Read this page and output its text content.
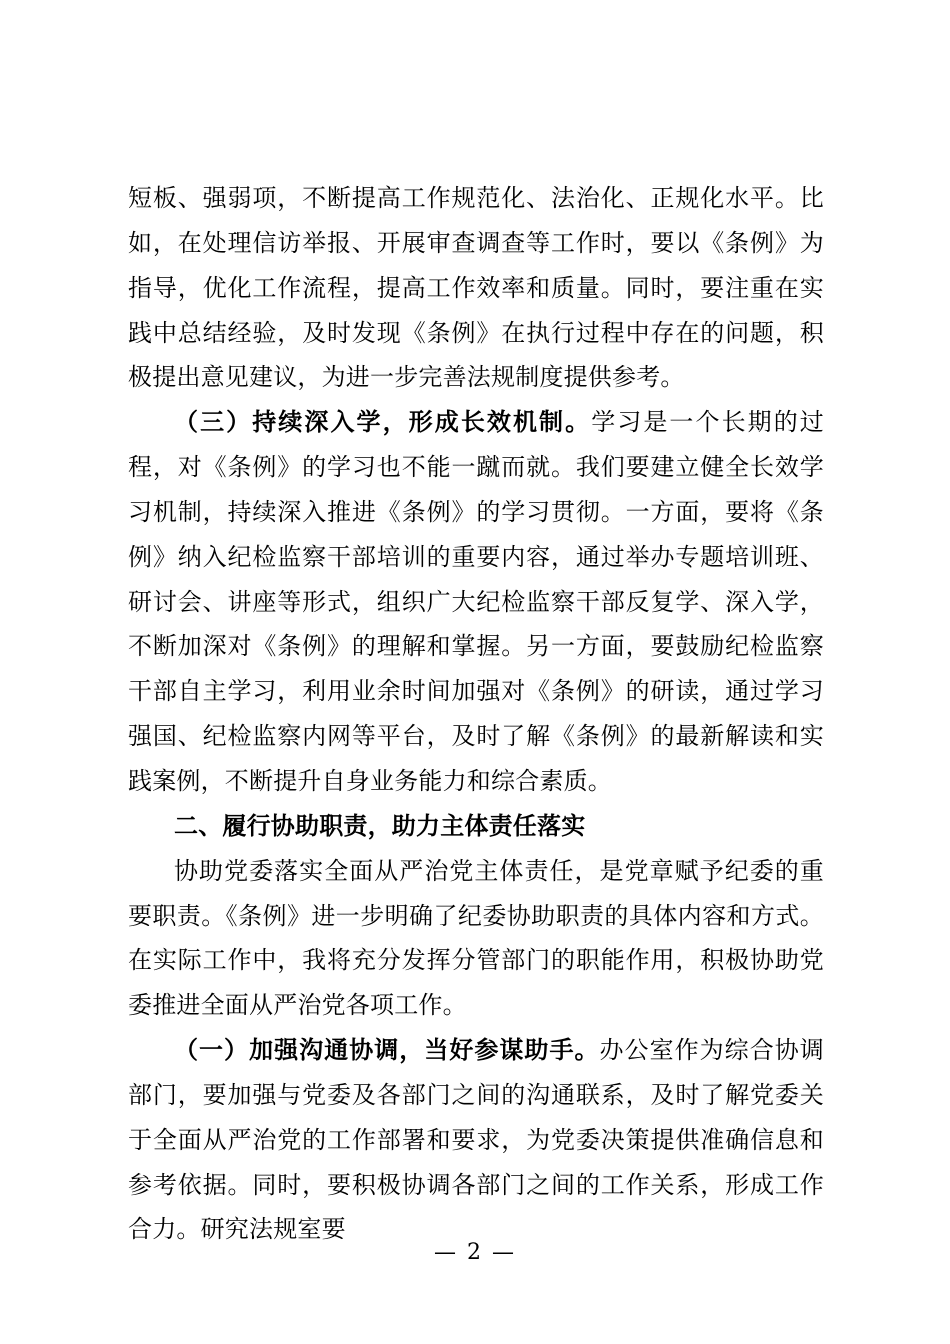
短板、强弱项，不断提高工作规范化、法治化、正规化水平。比如，在处理信访举报、开展审查调查等工作时，要以《条例》为指导，优化工作流程，提高工作效率和质量。同时，要注重在实践中总结经验，及时发现《条例》在执行过程中存在的问题，积极提出意见建议，为进一步完善法规制度提供参考。

（三）持续深入学，形成长效机制。学习是一个长期的过程，对《条例》的学习也不能一蹴而就。我们要建立健全长效学习机制，持续深入推进《条例》的学习贯彻。一方面，要将《条例》纳入纪检监察干部培训的重要内容，通过举办专题培训班、研讨会、讲座等形式，组织广大纪检监察干部反复学、深入学，不断加深对《条例》的理解和掌握。另一方面，要鼓励纪检监察干部自主学习，利用业余时间加强对《条例》的研读，通过学习强国、纪检监察内网等平台，及时了解《条例》的最新解读和实践案例，不断提升自身业务能力和综合素质。

二、履行协助职责，助力主体责任落实

协助党委落实全面从严治党主体责任，是党章赋予纪委的重要职责。《条例》进一步明确了纪委协助职责的具体内容和方式。在实际工作中，我将充分发挥分管部门的职能作用，积极协助党委推进全面从严治党各项工作。

（一）加强沟通协调，当好参谋助手。办公室作为综合协调部门，要加强与党委及各部门之间的沟通联系，及时了解党委关于全面从严治党的工作部署和要求，为党委决策提供准确信息和参考依据。同时，要积极协调各部门之间的工作关系，形成工作合力。研究法规室要

— 2 —
